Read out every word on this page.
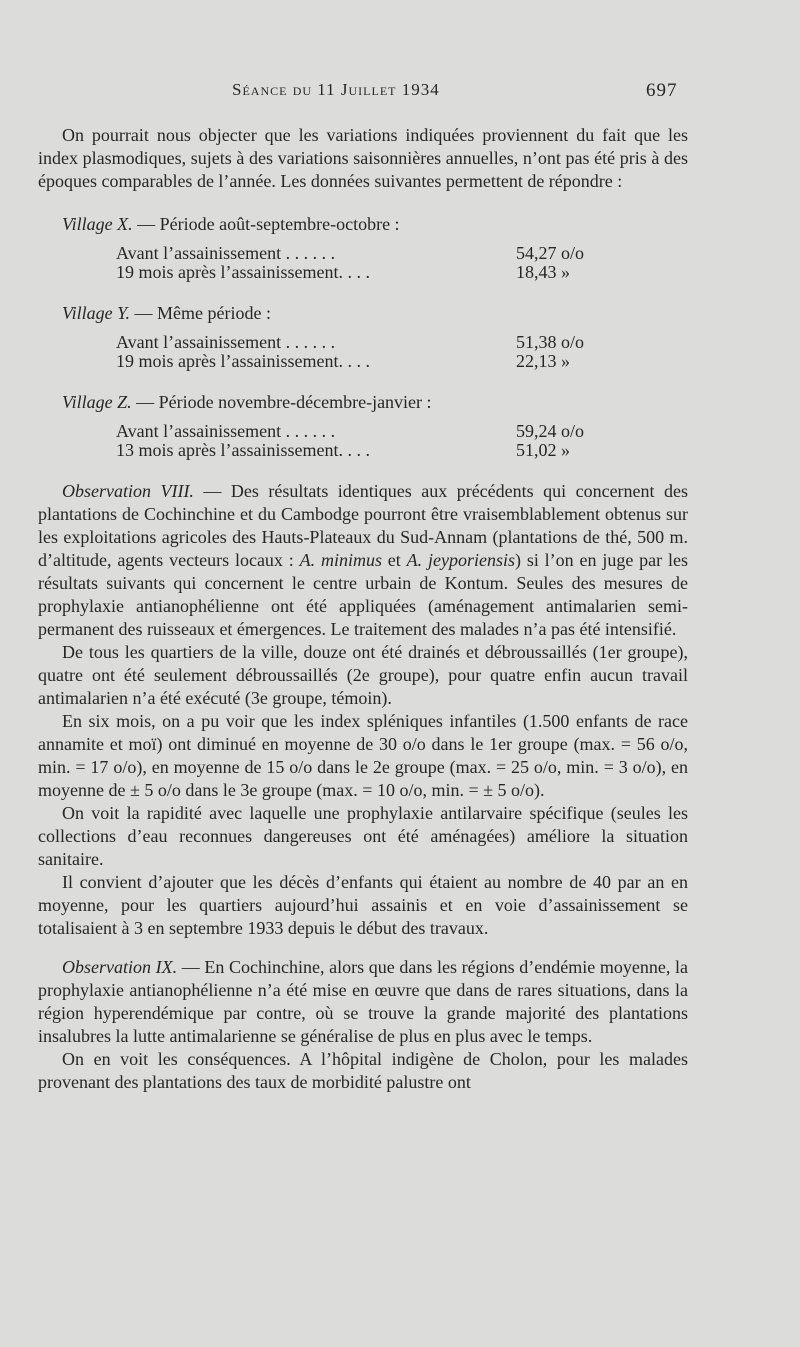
Séance du 11 Juillet 1934	697

On pourrait nous objecter que les variations indiquées proviennent du fait que les index plasmodiques, sujets à des variations saisonnières annuelles, n’ont pas été pris à des époques comparables de l’année. Les données suivantes permettent de répondre :

Village X. — Période août-septembre-octobre :

Avant l’assainissement . . . . . .	54,27 o/o
19 mois après l’assainissement. . . .	18,43 »

Village Y. — Même période :

Avant l’assainissement . . . . . .	51,38 o/o
19 mois après l’assainissement. . . .	22,13 »

Village Z. — Période novembre-décembre-janvier :

Avant l’assainissement . . . . . .	59,24 o/o
13 mois après l’assainissement. . . .	51,02 »

Observation VIII. — Des résultats identiques aux précédents qui concernent des plantations de Cochinchine et du Cambodge pourront être vraisemblablement obtenus sur les exploitations agricoles des Hauts-Plateaux du Sud-Annam (plantations de thé, 500 m. d’altitude, agents vecteurs locaux : A. minimus et A. jeyporiensis) si l’on en juge par les résultats suivants qui concernent le centre urbain de Kontum. Seules des mesures de prophylaxie antianophélienne ont été appliquées (aménagement antimalarien semi-permanent des ruisseaux et émergences. Le traitement des malades n’a pas été intensifié.

De tous les quartiers de la ville, douze ont été drainés et débroussaillés (1er groupe), quatre ont été seulement débroussaillés (2e groupe), pour quatre enfin aucun travail antimalarien n’a été exécuté (3e groupe, témoin).

En six mois, on a pu voir que les index spléniques infantiles (1.500 enfants de race annamite et moï) ont diminué en moyenne de 30 o/o dans le 1er groupe (max. = 56 o/o, min. = 17 o/o), en moyenne de 15 o/o dans le 2e groupe (max. = 25 o/o, min. = 3 o/o), en moyenne de ± 5 o/o dans le 3e groupe (max. = 10 o/o, min. = ± 5 o/o).

On voit la rapidité avec laquelle une prophylaxie antilarvaire spécifique (seules les collections d’eau reconnues dangereuses ont été aménagées) améliore la situation sanitaire.

Il convient d’ajouter que les décès d’enfants qui étaient au nombre de 40 par an en moyenne, pour les quartiers aujourd’hui assainis et en voie d’assainissement se totalisaient à 3 en septembre 1933 depuis le début des travaux.

Observation IX. — En Cochinchine, alors que dans les régions d’endémie moyenne, la prophylaxie antianophélienne n’a été mise en œuvre que dans de rares situations, dans la région hyperendémique par contre, où se trouve la grande majorité des plantations insalubres la lutte antimalarienne se généralise de plus en plus avec le temps.

On en voit les conséquences. A l’hôpital indigène de Cholon, pour les malades provenant des plantations des taux de morbidité palustre ont
